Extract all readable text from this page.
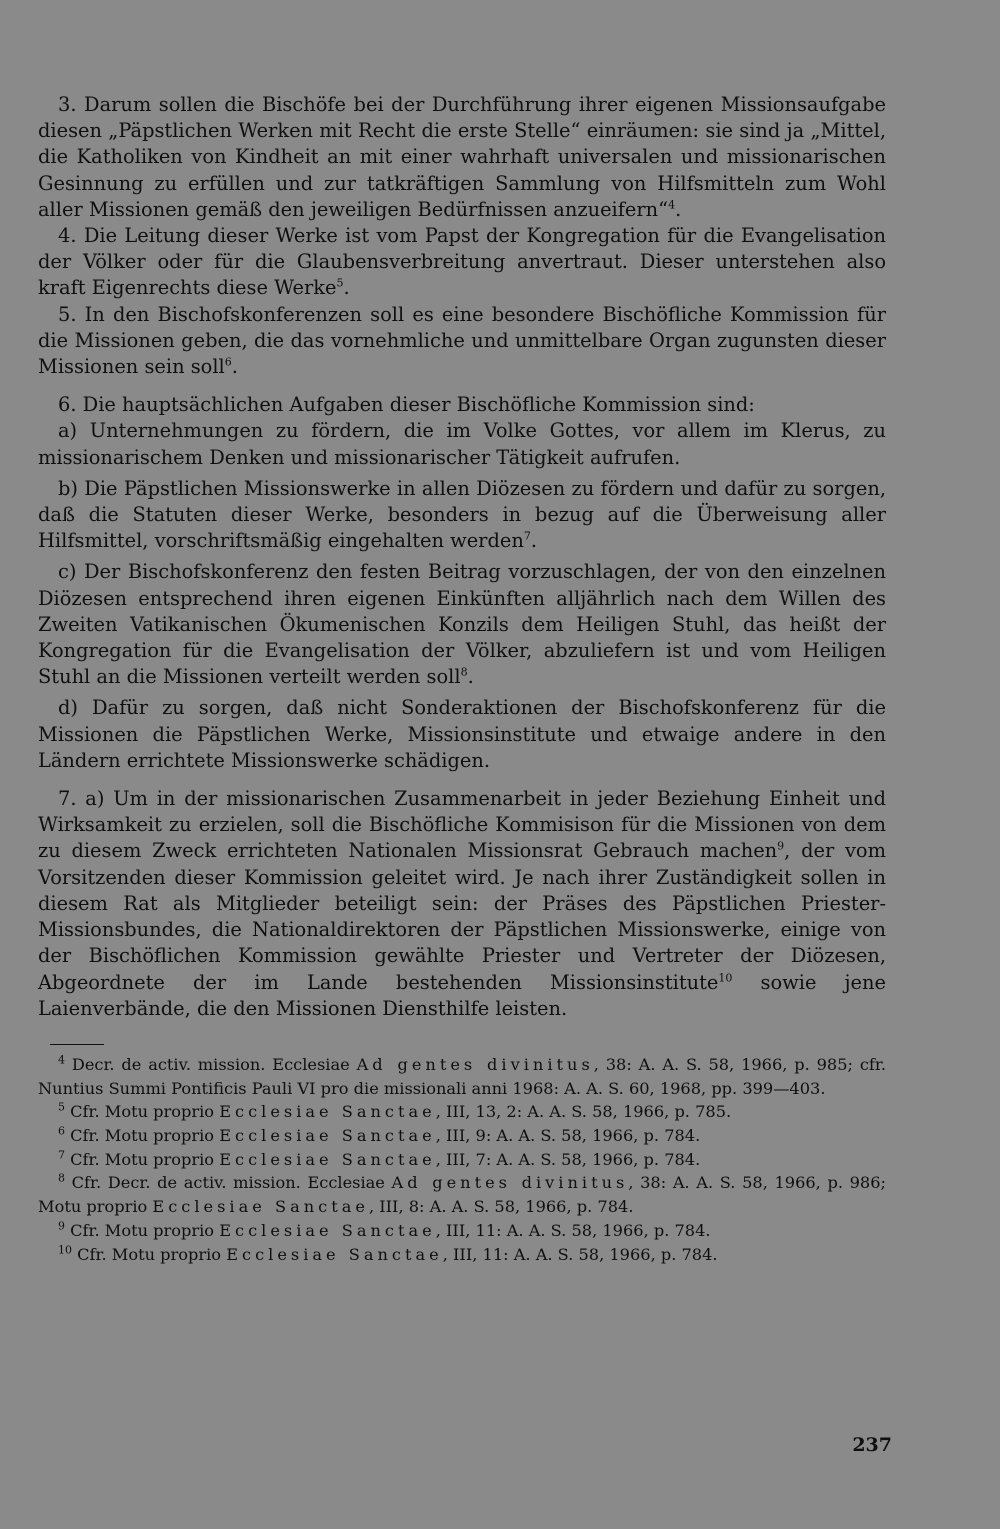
3. Darum sollen die Bischöfe bei der Durchführung ihrer eigenen Missionsaufgabe diesen „Päpstlichen Werken mit Recht die erste Stelle“ einräumen: sie sind ja „Mittel, die Katholiken von Kindheit an mit einer wahrhaft universalen und missionarischen Gesinnung zu erfüllen und zur tatkräftigen Sammlung von Hilfsmitteln zum Wohl aller Missionen gemäß den jeweiligen Bedürfnissen anzueifern“$^4$.

4. Die Leitung dieser Werke ist vom Papst der Kongregation für die Evangelisation der Völker oder für die Glaubensverbreitung anvertraut. Dieser unterstehen also kraft Eigenrechts diese Werke$^5$.

5. In den Bischofskonferenzen soll es eine besondere Bischöfliche Kommission für die Missionen geben, die das vornehmliche und unmittelbare Organ zugunsten dieser Missionen sein soll$^6$.

6. Die hauptsächlichen Aufgaben dieser Bischöfliche Kommission sind:

a) Unternehmungen zu fördern, die im Volke Gottes, vor allem im Klerus, zu missionarischem Denken und missionarischer Tätigkeit aufrufen.

b) Die Päpstlichen Missionswerke in allen Diözesen zu fördern und dafür zu sorgen, daß die Statuten dieser Werke, besonders in bezug auf die Überweisung aller Hilfsmittel, vorschriftsmäßig eingehalten werden$^7$.

c) Der Bischofskonferenz den festen Beitrag vorzuschlagen, der von den einzelnen Diözesen entsprechend ihren eigenen Einkünften alljährlich nach dem Willen des Zweiten Vatikanischen Ökumenischen Konzils dem Heiligen Stuhl, das heißt der Kongregation für die Evangelisation der Völker, abzuliefern ist und vom Heiligen Stuhl an die Missionen verteilt werden soll$^8$.

d) Dafür zu sorgen, daß nicht Sonderaktionen der Bischofskonferenz für die Missionen die Päpstlichen Werke, Missionsinstitute und etwaige andere in den Ländern errichtete Missionswerke schädigen.

7. a) Um in der missionarischen Zusammenarbeit in jeder Beziehung Einheit und Wirksamkeit zu erzielen, soll die Bischöfliche Kommisison für die Missionen von dem zu diesem Zweck errichteten Nationalen Missionsrat Gebrauch machen$^9$, der vom Vorsitzenden dieser Kommission geleitet wird. Je nach ihrer Zuständigkeit sollen in diesem Rat als Mitglieder beteiligt sein: der Präses des Päpstlichen Priester-Missionsbundes, die Nationaldirektoren der Päpstlichen Missionswerke, einige von der Bischöflichen Kommission gewählte Priester und Vertreter der Diözesen, Abgeordnete der im Lande bestehenden Missionsinstitute$^{10}$ sowie jene Laienverbände, die den Missionen Diensthilfe leisten.

$^4$ Decr. de activ. mission. Ecclesiae Ad gentes divinitus, 38: A. A. S. 58, 1966, p. 985; cfr. Nuntius Summi Pontificis Pauli VI pro die missionali anni 1968: A. A. S. 60, 1968, pp. 399—403.

$^5$ Cfr. Motu proprio Ecclesiae Sanctae, III, 13, 2: A. A. S. 58, 1966, p. 785.

$^6$ Cfr. Motu proprio Ecclesiae Sanctae, III, 9: A. A. S. 58, 1966, p. 784.

$^7$ Cfr. Motu proprio Ecclesiae Sanctae, III, 7: A. A. S. 58, 1966, p. 784.

$^8$ Cfr. Decr. de activ. mission. Ecclesiae Ad gentes divinitus, 38: A. A. S. 58, 1966, p. 986; Motu proprio Ecclesiae Sanctae, III, 8: A. A. S. 58, 1966, p. 784.

$^9$ Cfr. Motu proprio Ecclesiae Sanctae, III, 11: A. A. S. 58, 1966, p. 784.

$^{10}$ Cfr. Motu proprio Ecclesiae Sanctae, III, 11: A. A. S. 58, 1966, p. 784.

237
